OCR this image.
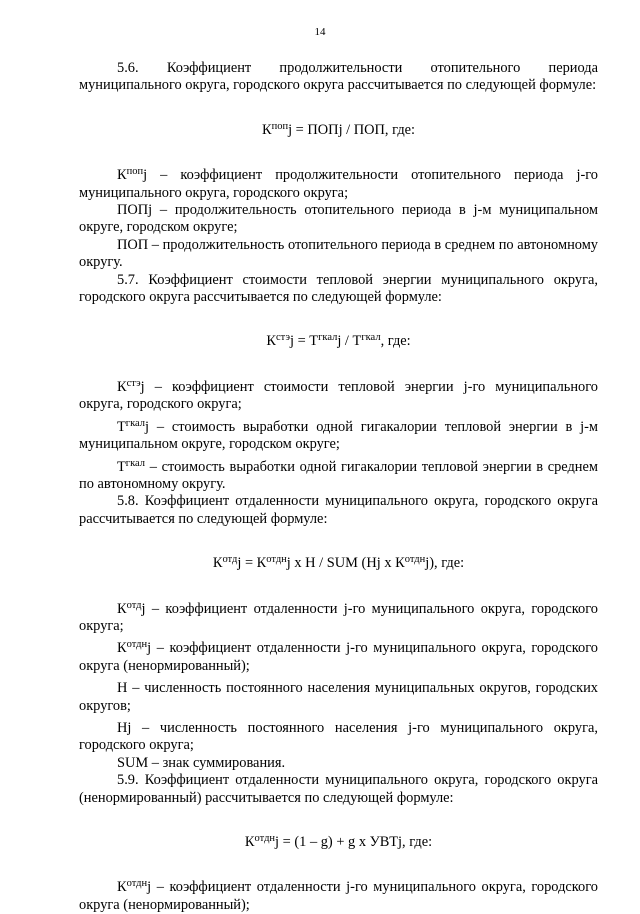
14

5.6. Коэффициент продолжительности отопительного периода муниципального округа, городского округа рассчитывается по следующей формуле:

$К^{поп}j$ = ПОПj / ПОП, где:

$К^{поп}j$ – коэффициент продолжительности отопительного периода j-го муниципального округа, городского округа;

ПОПj – продолжительность отопительного периода в j-м муниципальном округе, городском округе;

ПОП – продолжительность отопительного периода в среднем по автономному округу.

5.7. Коэффициент стоимости тепловой энергии муниципального округа, городского округа рассчитывается по следующей формуле:

$К^{стэ}j = Т^{гкал}j / Т^{гкал}$, где:

$К^{стэ}j$ – коэффициент стоимости тепловой энергии j-го муниципального округа, городского округа;

$Т^{гкал}j$ – стоимость выработки одной гигакалории тепловой энергии в j-м муниципальном округе, городском округе;

$Т^{гкал}$ – стоимость выработки одной гигакалории тепловой энергии в среднем по автономному округу.

5.8. Коэффициент отдаленности муниципального округа, городского округа рассчитывается по следующей формуле:

$К^{отд}j = К^{отдн}j$ x H / SUM (Hj x $К^{отдн}j$), где:

$К^{отд}j$ – коэффициент отдаленности j-го муниципального округа, городского округа;

$К^{отдн}j$ – коэффициент отдаленности j-го муниципального округа, городского округа (ненормированный);

H – численность постоянного населения муниципальных округов, городских округов;

Hj – численность постоянного населения j-го муниципального округа, городского округа;

SUM – знак суммирования.

5.9. Коэффициент отдаленности муниципального округа, городского округа (ненормированный) рассчитывается по следующей формуле:

$К^{отдн}j = (1 - g) + g$ x УВТj, где:

$К^{отдн}j$ – коэффициент отдаленности j-го муниципального округа, городского округа (ненормированный);
